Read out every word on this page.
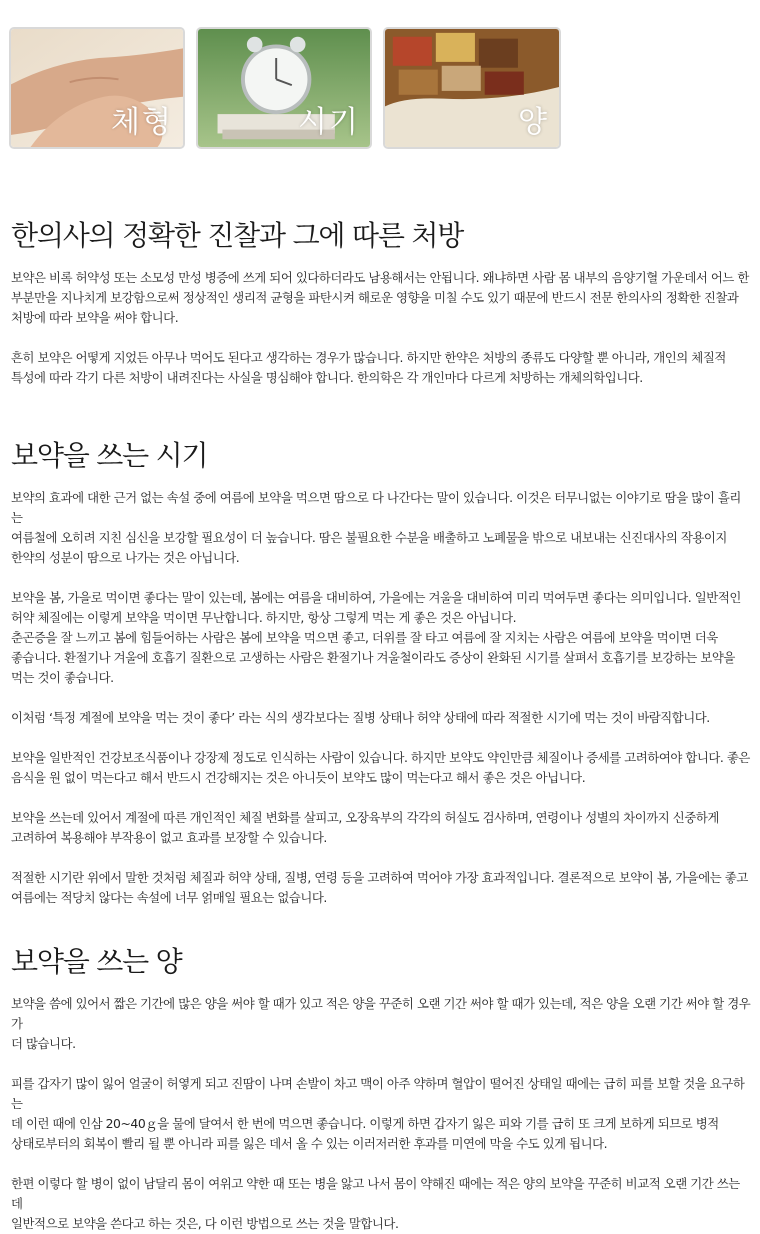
체형	시기	양
한의사의 정확한 진찰과 그에 따른 처방

보약은 비록 허약성 또는 소모성 만성 병증에 쓰게 되어 있다하더라도 남용해서는 안됩니다. 왜냐하면 사람 몸 내부의 음양기혈 가운데서 어느 한
부분만을 지나치게 보강함으로써 정상적인 생리적 균형을 파탄시켜 해로운 영향을 미칠 수도 있기 때문에 반드시 전문 한의사의 정확한 진찰과
처방에 따라 보약을 써야 합니다.

흔히 보약은 어떻게 지었든 아무나 먹어도 된다고 생각하는 경우가 많습니다. 하지만 한약은 처방의 종류도 다양할 뿐 아니라, 개인의 체질적
특성에 따라 각기 다른 처방이 내려진다는 사실을 명심해야 합니다. 한의학은 각 개인마다 다르게 처방하는 개체의학입니다.

보약을 쓰는 시기

보약의 효과에 대한 근거 없는 속설 중에 여름에 보약을 먹으면 땀으로 다 나간다는 말이 있습니다. 이것은 터무니없는 이야기로 땀을 많이 흘리는
여름철에 오히려 지친 심신을 보강할 필요성이 더 높습니다. 땀은 불필요한 수분을 배출하고 노폐물을 밖으로 내보내는 신진대사의 작용이지
한약의 성분이 땀으로 나가는 것은 아닙니다.

보약을 봄, 가을로 먹이면 좋다는 말이 있는데, 봄에는 여름을 대비하여, 가을에는 겨울을 대비하여 미리 먹여두면 좋다는 의미입니다. 일반적인
허약 체질에는 이렇게 보약을 먹이면 무난합니다. 하지만, 항상 그렇게 먹는 게 좋은 것은 아닙니다.
춘곤증을 잘 느끼고 봄에 힘들어하는 사람은 봄에 보약을 먹으면 좋고, 더위를 잘 타고 여름에 잘 지치는 사람은 여름에 보약을 먹이면 더욱
좋습니다. 환절기나 겨울에 호흡기 질환으로 고생하는 사람은 환절기나 겨울철이라도 증상이 완화된 시기를 살펴서 호흡기를 보강하는 보약을
먹는 것이 좋습니다.

이처럼 ‘특정 계절에 보약을 먹는 것이 좋다’ 라는 식의 생각보다는 질병 상태나 허약 상태에 따라 적절한 시기에 먹는 것이 바람직합니다.

보약을 일반적인 건강보조식품이나 강장제 정도로 인식하는 사람이 있습니다. 하지만 보약도 약인만큼 체질이나 증세를 고려하여야 합니다. 좋은
음식을 원 없이 먹는다고 해서 반드시 건강해지는 것은 아니듯이 보약도 많이 먹는다고 해서 좋은 것은 아닙니다.

보약을 쓰는데 있어서 계절에 따른 개인적인 체질 변화를 살피고, 오장육부의 각각의 허실도 검사하며, 연령이나 성별의 차이까지 신중하게
고려하여 복용해야 부작용이 없고 효과를 보장할 수 있습니다.

적절한 시기란 위에서 말한 것처럼 체질과 허약 상태, 질병, 연령 등을 고려하여 먹어야 가장 효과적입니다. 결론적으로 보약이 봄, 가을에는 좋고
여름에는 적당치 않다는 속설에 너무 얽매일 필요는 없습니다.

보약을 쓰는 양

보약을 씀에 있어서 짧은 기간에 많은 양을 써야 할 때가 있고 적은 양을 꾸준히 오랜 기간 써야 할 때가 있는데, 적은 양을 오랜 기간 써야 할 경우가
더 많습니다.

피를 갑자기 많이 잃어 얼굴이 허옇게 되고 진땀이 나며 손발이 차고 맥이 아주 약하며 혈압이 떨어진 상태일 때에는 급히 피를 보할 것을 요구하는
데 이런 때에 인삼 20~40ｇ을 물에 달여서 한 번에 먹으면 좋습니다. 이렇게 하면 갑자기 잃은 피와 기를 급히 또 크게 보하게 되므로 병적
상태로부터의 회복이 빨리 될 뿐 아니라 피를 잃은 데서 올 수 있는 이러저러한 후과를 미연에 막을 수도 있게 됩니다.

한편 이렇다 할 병이 없이 남달리 몸이 여위고 약한 때 또는 병을 앓고 나서 몸이 약해진 때에는 적은 양의 보약을 꾸준히 비교적 오랜 기간 쓰는데
일반적으로 보약을 쓴다고 하는 것은, 다 이런 방법으로 쓰는 것을 말합니다.
